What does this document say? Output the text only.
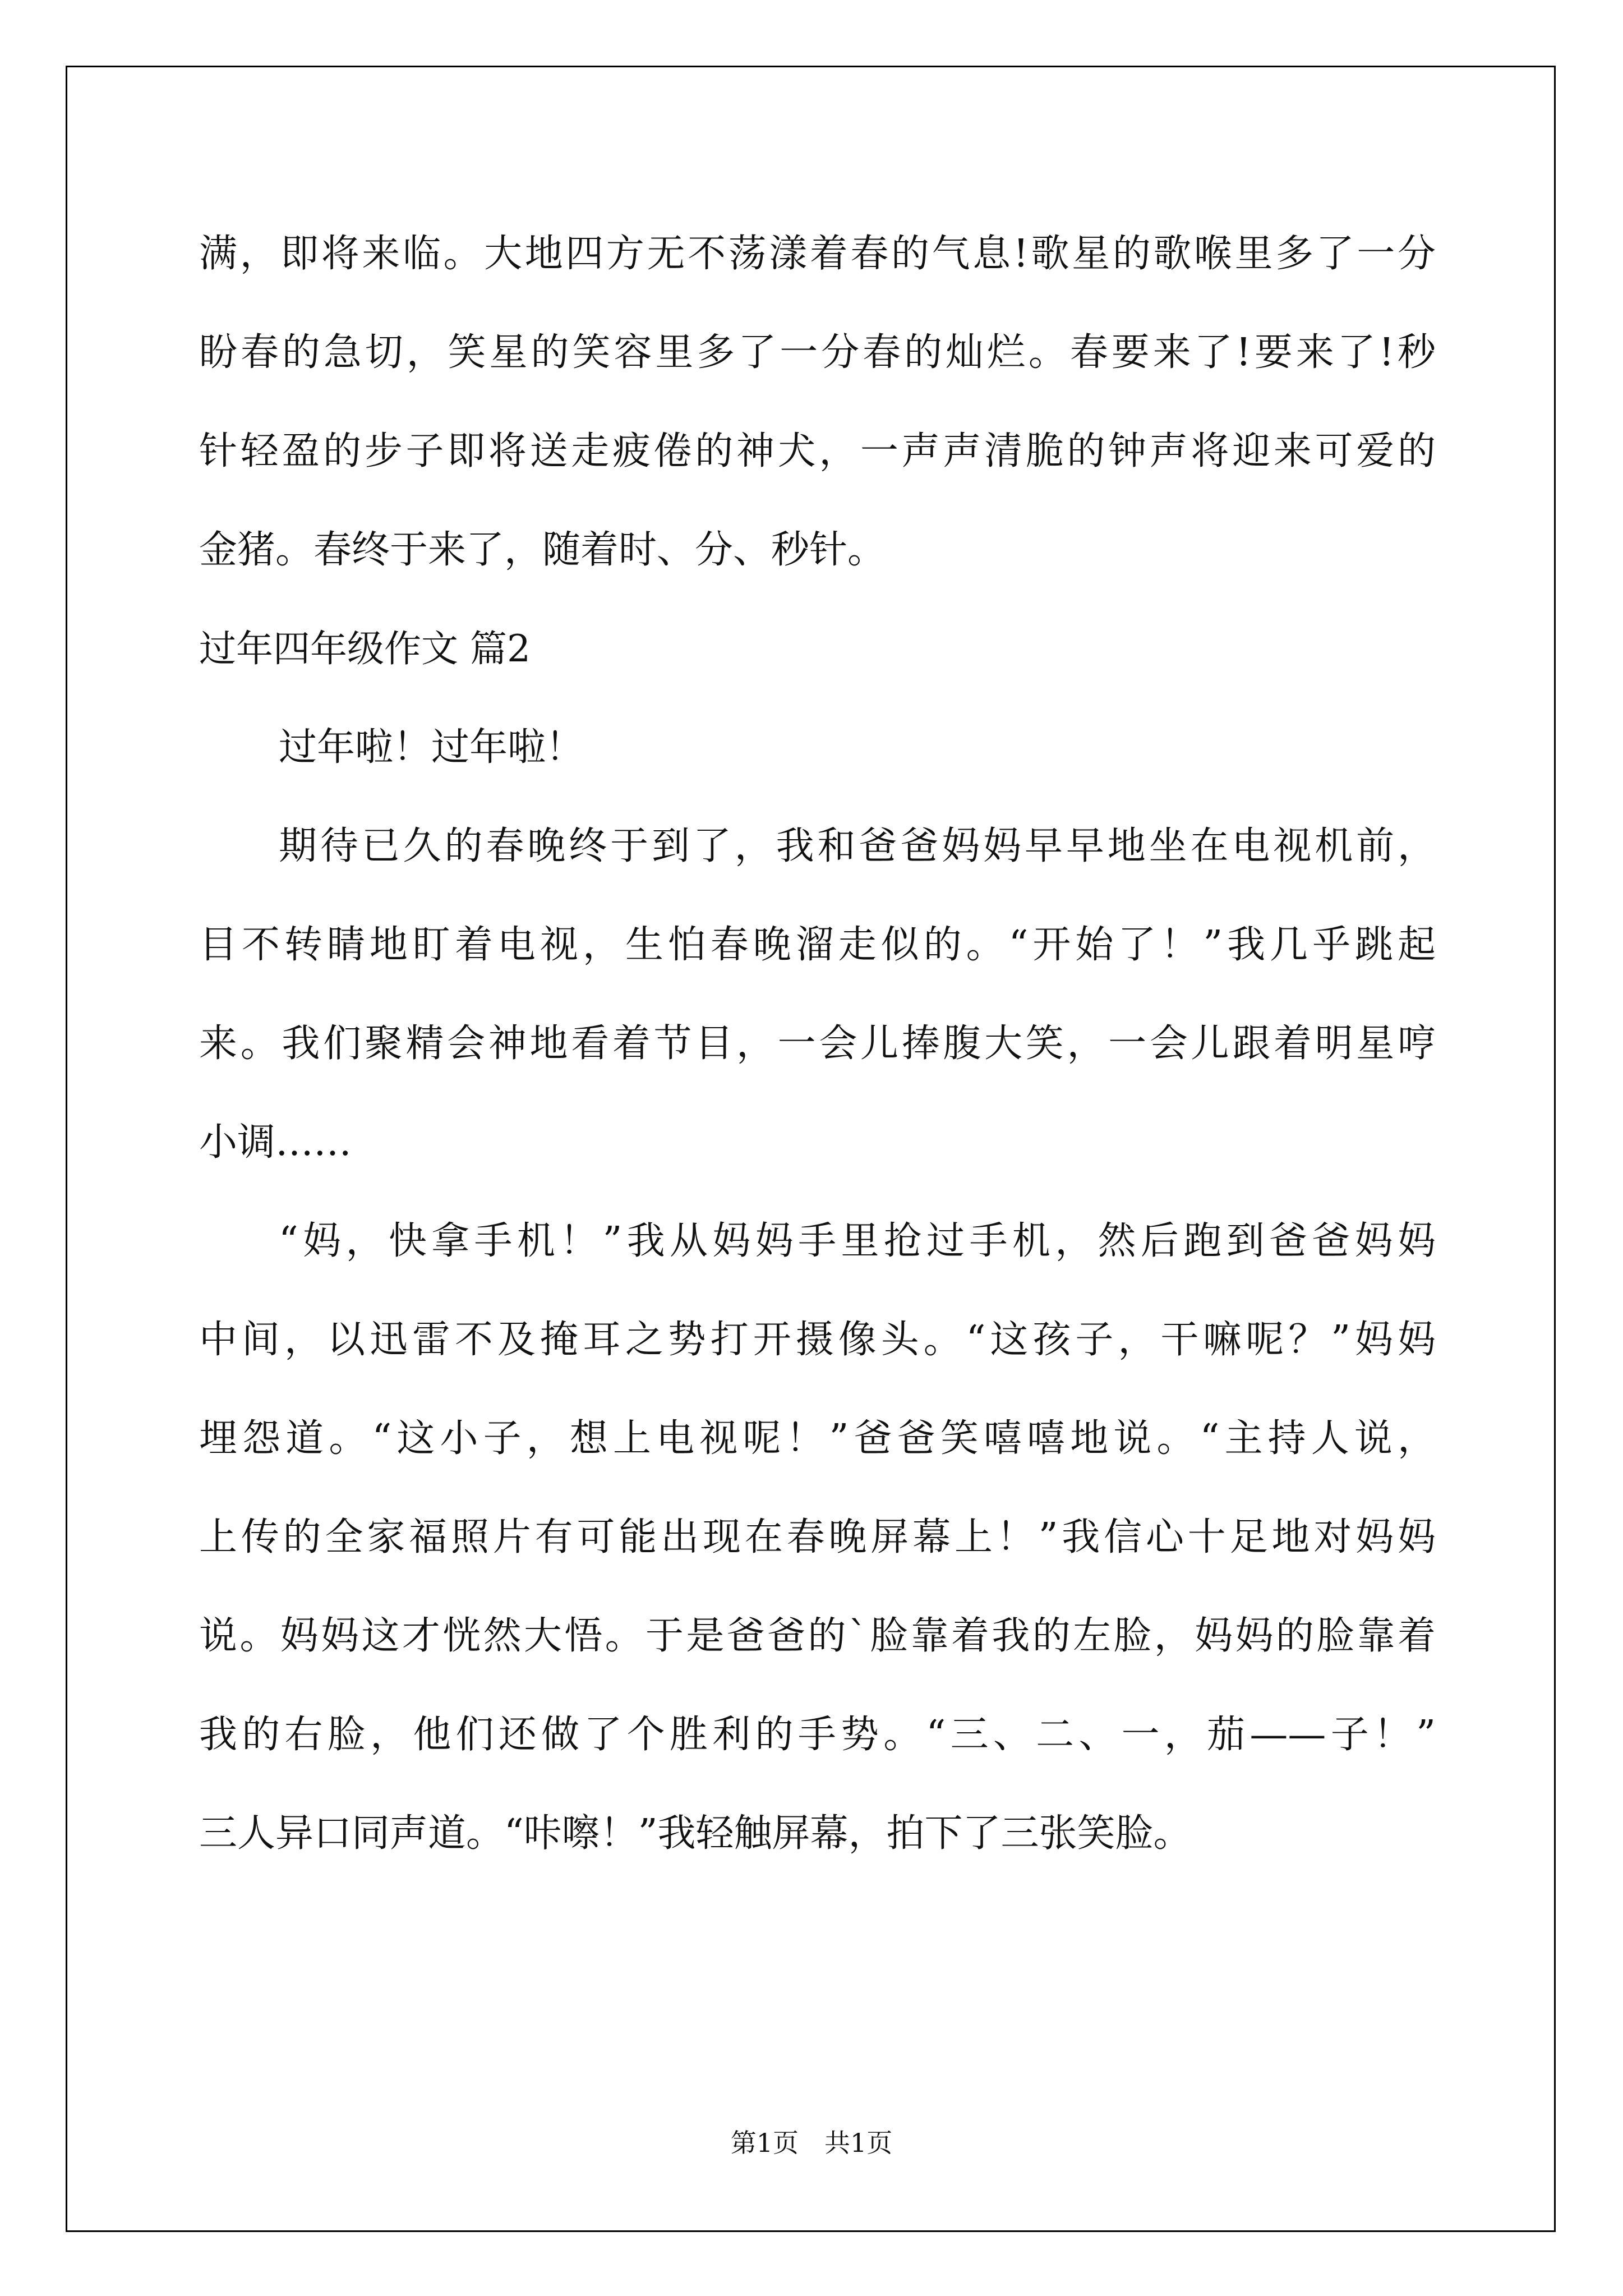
满，即将来临。大地四方无不荡漾着春的气息!歌星的歌喉里多了一分
盼春的急切，笑星的笑容里多了一分春的灿烂。春要来了!要来了!秒
针轻盈的步子即将送走疲倦的神犬，一声声清脆的钟声将迎来可爱的
金猪。春终于来了，随着时、分、秒针。
过年四年级作文 篇2
过年啦！过年啦！
期待已久的春晚终于到了，我和爸爸妈妈早早地坐在电视机前，
目不转睛地盯着电视，生怕春晚溜走似的。“开始了！”我几乎跳起
来。我们聚精会神地看着节目，一会儿捧腹大笑，一会儿跟着明星哼
小调……
“妈，快拿手机！”我从妈妈手里抢过手机，然后跑到爸爸妈妈
中间，以迅雷不及掩耳之势打开摄像头。“这孩子，干嘛呢？”妈妈
埋怨道。“这小子，想上电视呢！”爸爸笑嘻嘻地说。“主持人说，
上传的全家福照片有可能出现在春晚屏幕上！”我信心十足地对妈妈
说。妈妈这才恍然大悟。于是爸爸的`脸靠着我的左脸，妈妈的脸靠着
我的右脸，他们还做了个胜利的手势。“三、二、一，茄——子！”
三人异口同声道。“咔嚓！”我轻触屏幕，拍下了三张笑脸。
第1页　共1页
